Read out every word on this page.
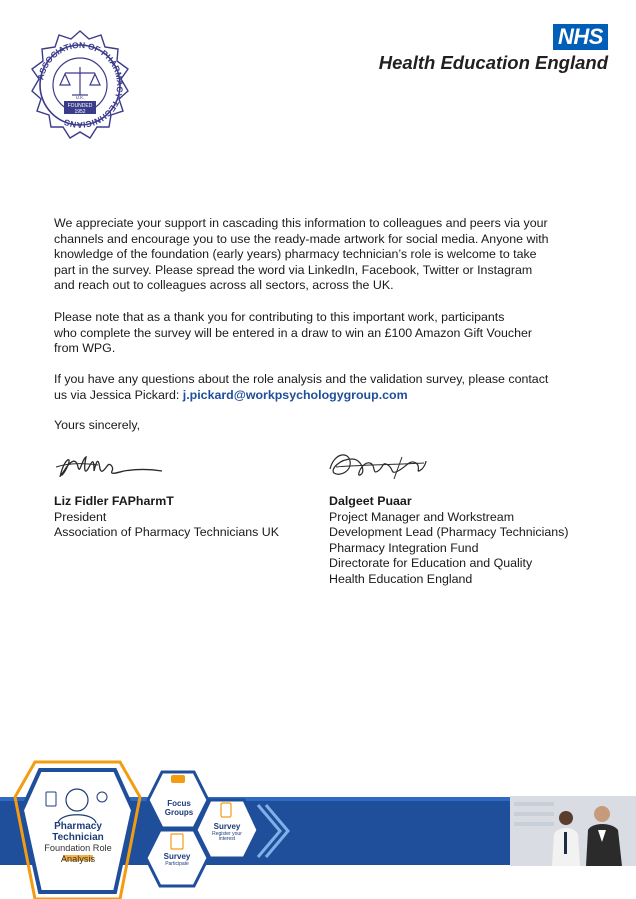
ASSOCIATION OF PHARMACY TECHNICIANS
FOUNDED
1952
U.K.
NHS
Health Education England

We appreciate your support in cascading this information to colleagues and peers via your
channels and encourage you to use the ready-made artwork for social media. Anyone with
knowledge of the foundation (early years) pharmacy technician’s role is welcome to take
part in the survey. Please spread the word via LinkedIn, Facebook, Twitter or Instagram
and reach out to colleagues across all sectors, across the UK.

Please note that as a thank you for contributing to this important work, participants
who complete the survey will be entered in a draw to win an £100 Amazon Gift Voucher
from WPG.

If you have any questions about the role analysis and the validation survey, please contact
us via Jessica Pickard: j.pickard@workpsychologygroup.com

Yours sincerely,

Liz Fidler FAPharmT
President
Association of Pharmacy Technicians UK
Dalgeet Puaar
Project Manager and Workstream
Development Lead (Pharmacy Technicians)
Pharmacy Integration Fund
Directorate for Education and Quality
Health Education England
Pharmacy Technician
Foundation Role
Analysis
Focus
Groups
Survey
Register your interest
Survey
Participate
